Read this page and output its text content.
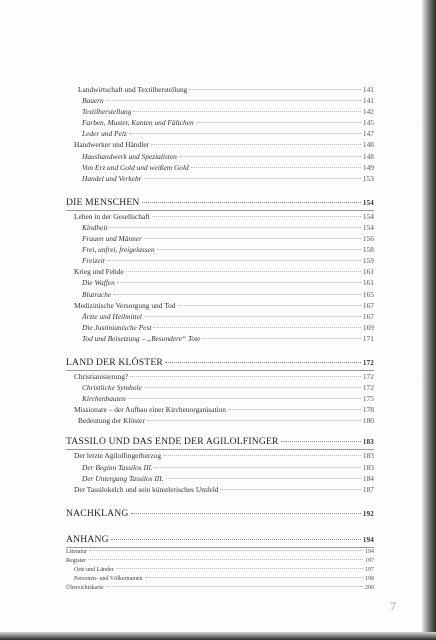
Landwirtschaft und Textilherstellung	141
Bauern	141
Textilherstellung	142
Farben, Muster, Kanten und Fältchen	145
Leder und Pelz	147
Handwerker und Händler	148
Haushandwerk und Spezialisten	148
Von Erz und Gold und weißem Gold	149
Handel und Verkehr	153
DIE MENSCHEN	154
Leben in der Gesellschaft	154
Kindheit	154
Frauen und Männer	156
Frei, unfrei, freigelassen	158
Freizeit	159
Krieg und Fehde	161
Die Waffen	161
Blutrache	165
Medizinische Versorgung und Tod	167
Ärzte und Heilmittel	167
Die Justinianische Pest	169
Tod und Beisetzung – „Besondere“ Tote	171
LAND DER KLÖSTER	172
Christianisierung?	172
Christliche Symbole	172
Kirchenbauten	175
Missionare – der Aufbau einer Kirchenorganisation	178
Bedeutung der Klöster	180
TASSILO UND DAS ENDE DER AGILOLFINGER	183
Der letzte Agilolfingerherzog	183
Der Beginn Tassilos III.	183
Der Untergang Tassilos III.	184
Der Tassilokelch und sein künstlerisches Umfeld	187
NACHKLANG	192
ANHANG	194
Literatur	194
Register	197
Orte und Länder	197
Personen- und Völkernamen	198
Übersichtskarte	200
7
